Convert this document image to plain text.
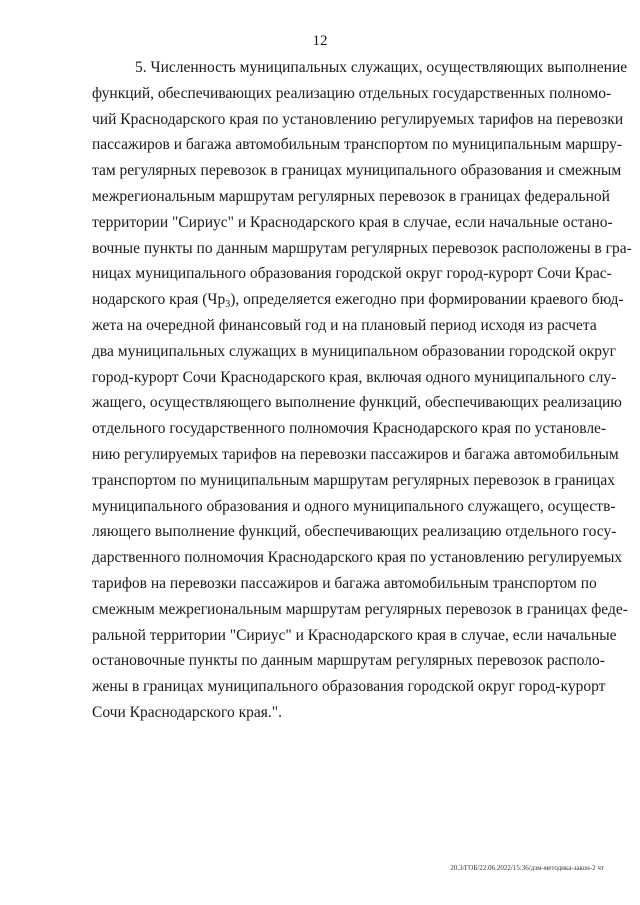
12
5. Численность муниципальных служащих, осуществляющих выполнение
функций, обеспечивающих реализацию отдельных государственных полномо-
чий Краснодарского края по установлению регулируемых тарифов на перевозки
пассажиров и багажа автомобильным транспортом по муниципальным маршру-
там регулярных перевозок в границах муниципального образования и смежным
межрегиональным маршрутам регулярных перевозок в границах федеральной
территории "Сириус" и Краснодарского края в случае, если начальные остано-
вочные пункты по данным маршрутам регулярных перевозок расположены в гра-
ницах муниципального образования городской округ город-курорт Сочи Крас-
нодарского края $(Чр_3)$, определяется ежегодно при формировании краевого бюд-
жета на очередной финансовый год и на плановый период исходя из расчета
два муниципальных служащих в муниципальном образовании городской округ
город-курорт Сочи Краснодарского края, включая одного муниципального слу-
жащего, осуществляющего выполнение функций, обеспечивающих реализацию
отдельного государственного полномочия Краснодарского края по установле-
нию регулируемых тарифов на перевозки пассажиров и багажа автомобильным
транспортом по муниципальным маршрутам регулярных перевозок в границах
муниципального образования и одного муниципального служащего, осуществ-
ляющего выполнение функций, обеспечивающих реализацию отдельного госу-
дарственного полномочия Краснодарского края по установлению регулируемых
тарифов на перевозки пассажиров и багажа автомобильным транспортом по
смежным межрегиональным маршрутам регулярных перевозок в границах феде-
ральной территории "Сириус" и Краснодарского края в случае, если начальные
остановочные пункты по данным маршрутам регулярных перевозок располо-
жены в границах муниципального образования городской округ город-курорт
Сочи Краснодарского края.".
20.3/ГОБ/22.06.2022/15:36/дзм-методика-закон-2 чт
